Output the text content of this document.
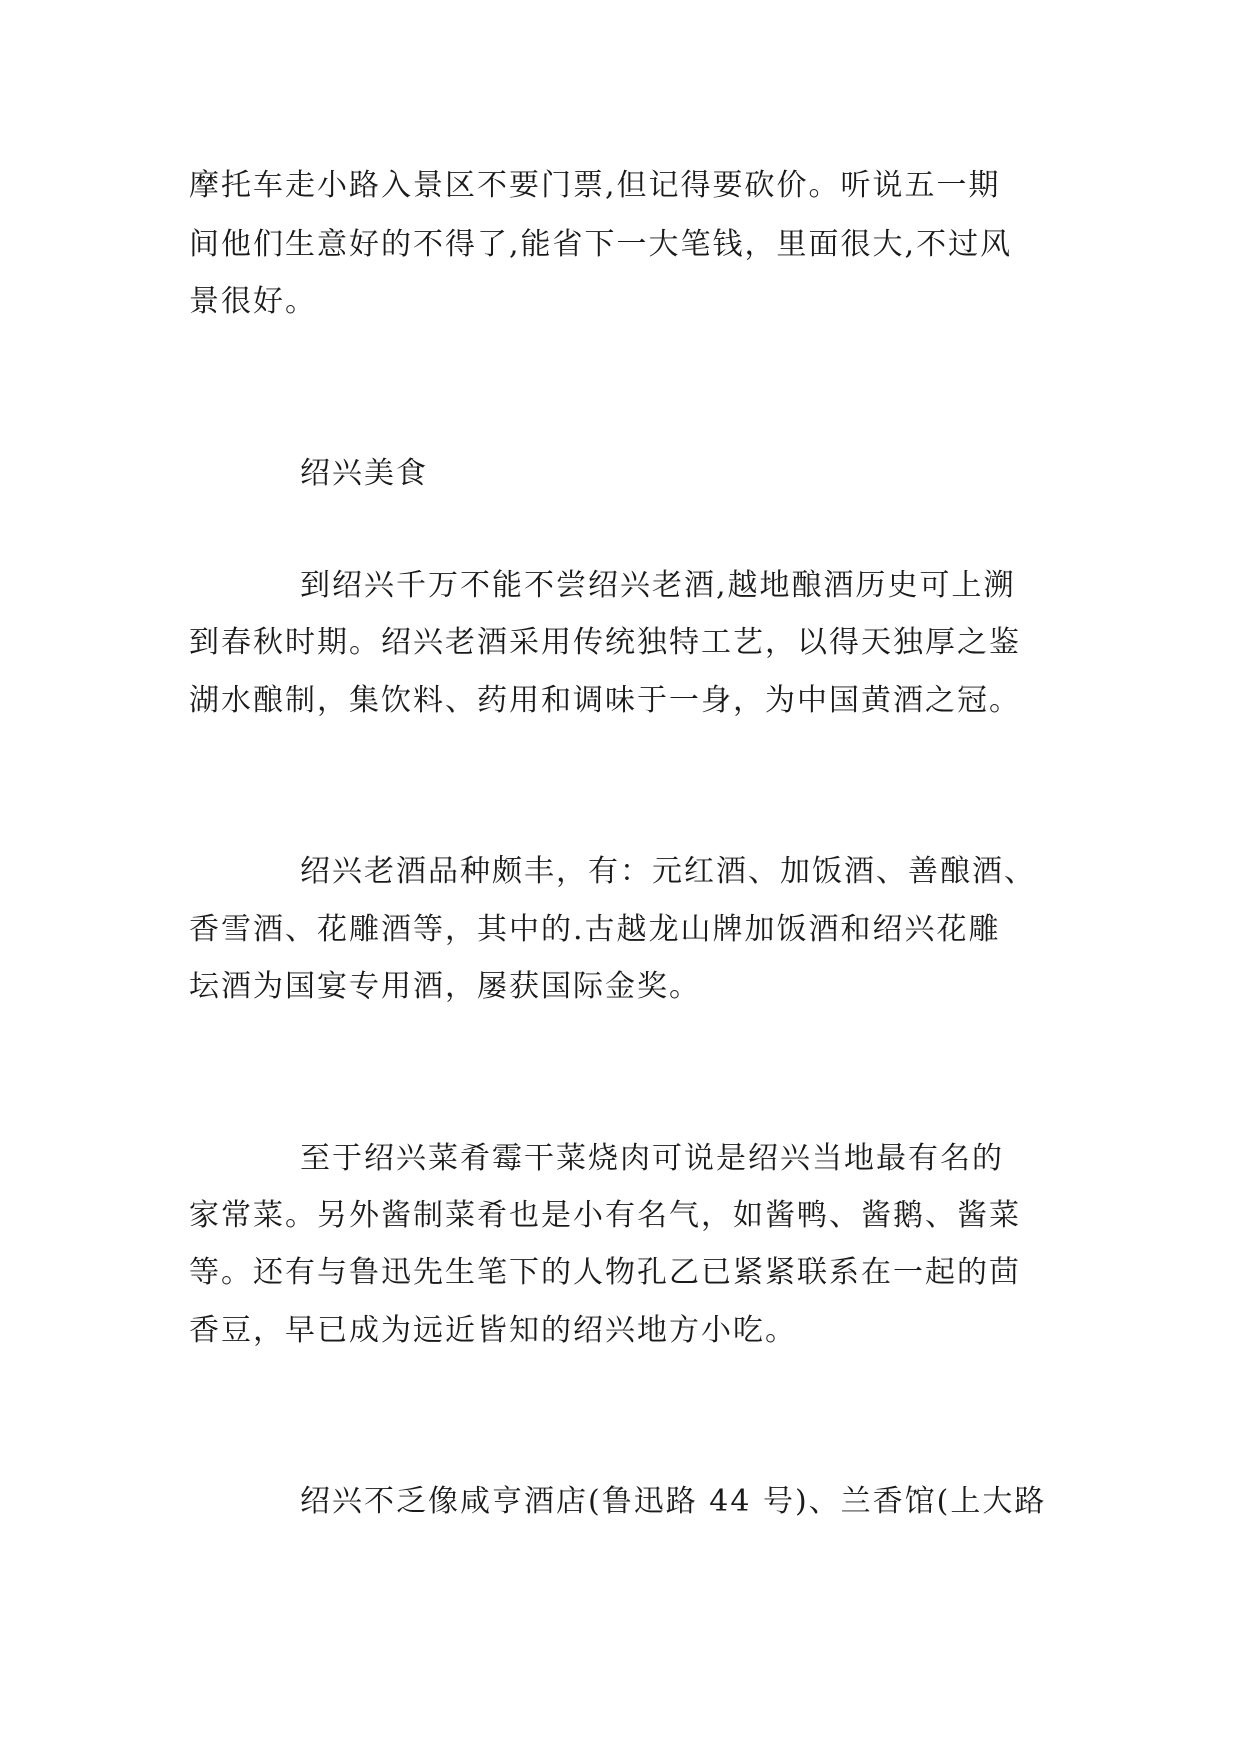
摩托车走小路入景区不要门票,但记得要砍价。听说五一期

间他们生意好的不得了,能省下一大笔钱，里面很大,不过风

景很好。

绍兴美食

到绍兴千万不能不尝绍兴老酒,越地酿酒历史可上溯

到春秋时期。绍兴老酒采用传统独特工艺，以得天独厚之鉴

湖水酿制，集饮料、药用和调味于一身，为中国黄酒之冠。

绍兴老酒品种颇丰，有：元红酒、加饭酒、善酿酒、

香雪酒、花雕酒等，其中的.古越龙山牌加饭酒和绍兴花雕

坛酒为国宴专用酒，屡获国际金奖。

至于绍兴菜肴霉干菜烧肉可说是绍兴当地最有名的

家常菜。另外酱制菜肴也是小有名气，如酱鸭、酱鹅、酱菜

等。还有与鲁迅先生笔下的人物孔乙已紧紧联系在一起的茴

香豆，早已成为远近皆知的绍兴地方小吃。

绍兴不乏像咸亨酒店(鲁迅路 44 号)、兰香馆(上大路
